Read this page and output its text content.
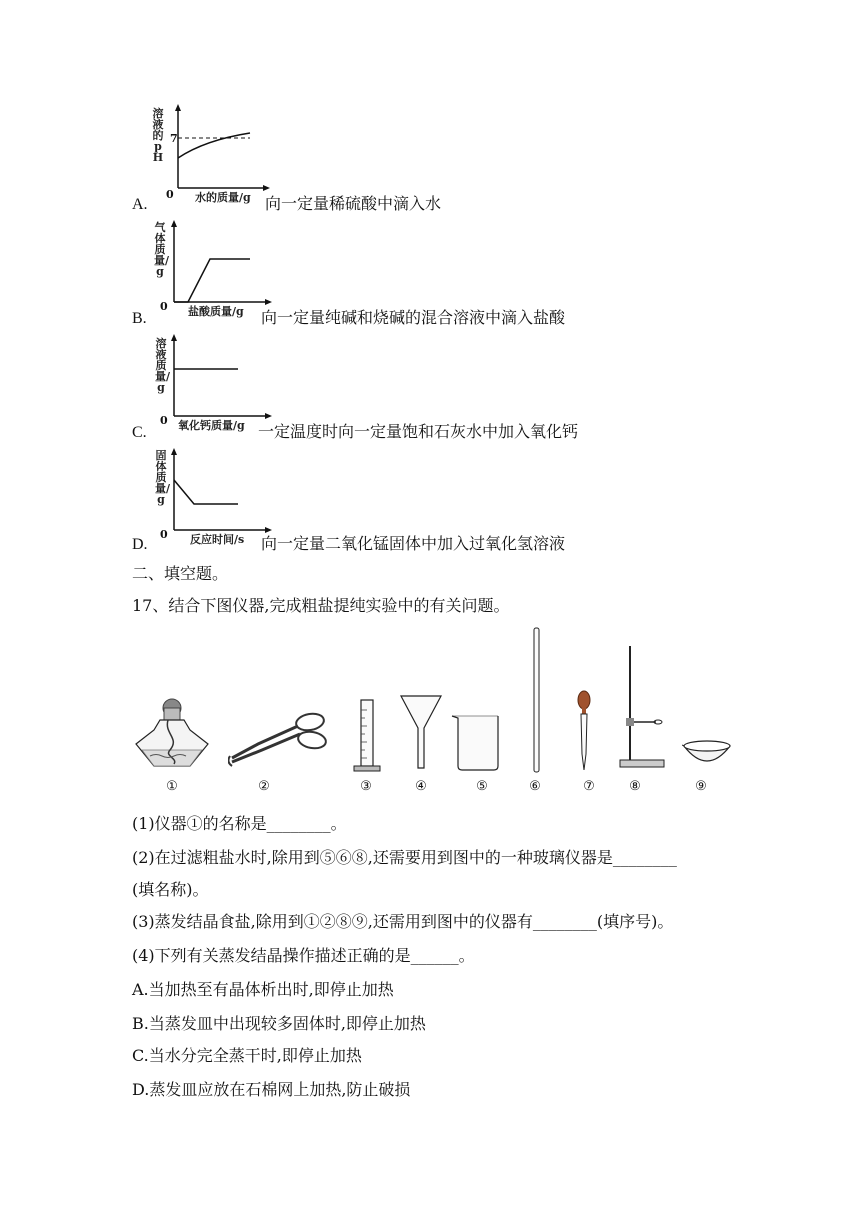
溶液的pH
7
0 水的质量/g
A.	向一定量稀硫酸中滴入水
气体质量/g
0 盐酸质量/g
B.	向一定量纯碱和烧碱的混合溶液中滴入盐酸
溶液质量/g
0 氧化钙质量/g
C.	一定温度时向一定量饱和石灰水中加入氧化钙
固体质量/g
0 反应时间/s
D.	向一定量二氧化锰固体中加入过氧化氢溶液
二、填空题。
17、结合下图仪器,完成粗盐提纯实验中的有关问题。
①	②	③	④	⑤	⑥	⑦	⑧	⑨
(1)仪器①的名称是________。
(2)在过滤粗盐水时,除用到⑤⑥⑧,还需要用到图中的一种玻璃仪器是________
(填名称)。
(3)蒸发结晶食盐,除用到①②⑧⑨,还需用到图中的仪器有________(填序号)。
(4)下列有关蒸发结晶操作描述正确的是______。
A.当加热至有晶体析出时,即停止加热
B.当蒸发皿中出现较多固体时,即停止加热
C.当水分完全蒸干时,即停止加热
D.蒸发皿应放在石棉网上加热,防止破损
